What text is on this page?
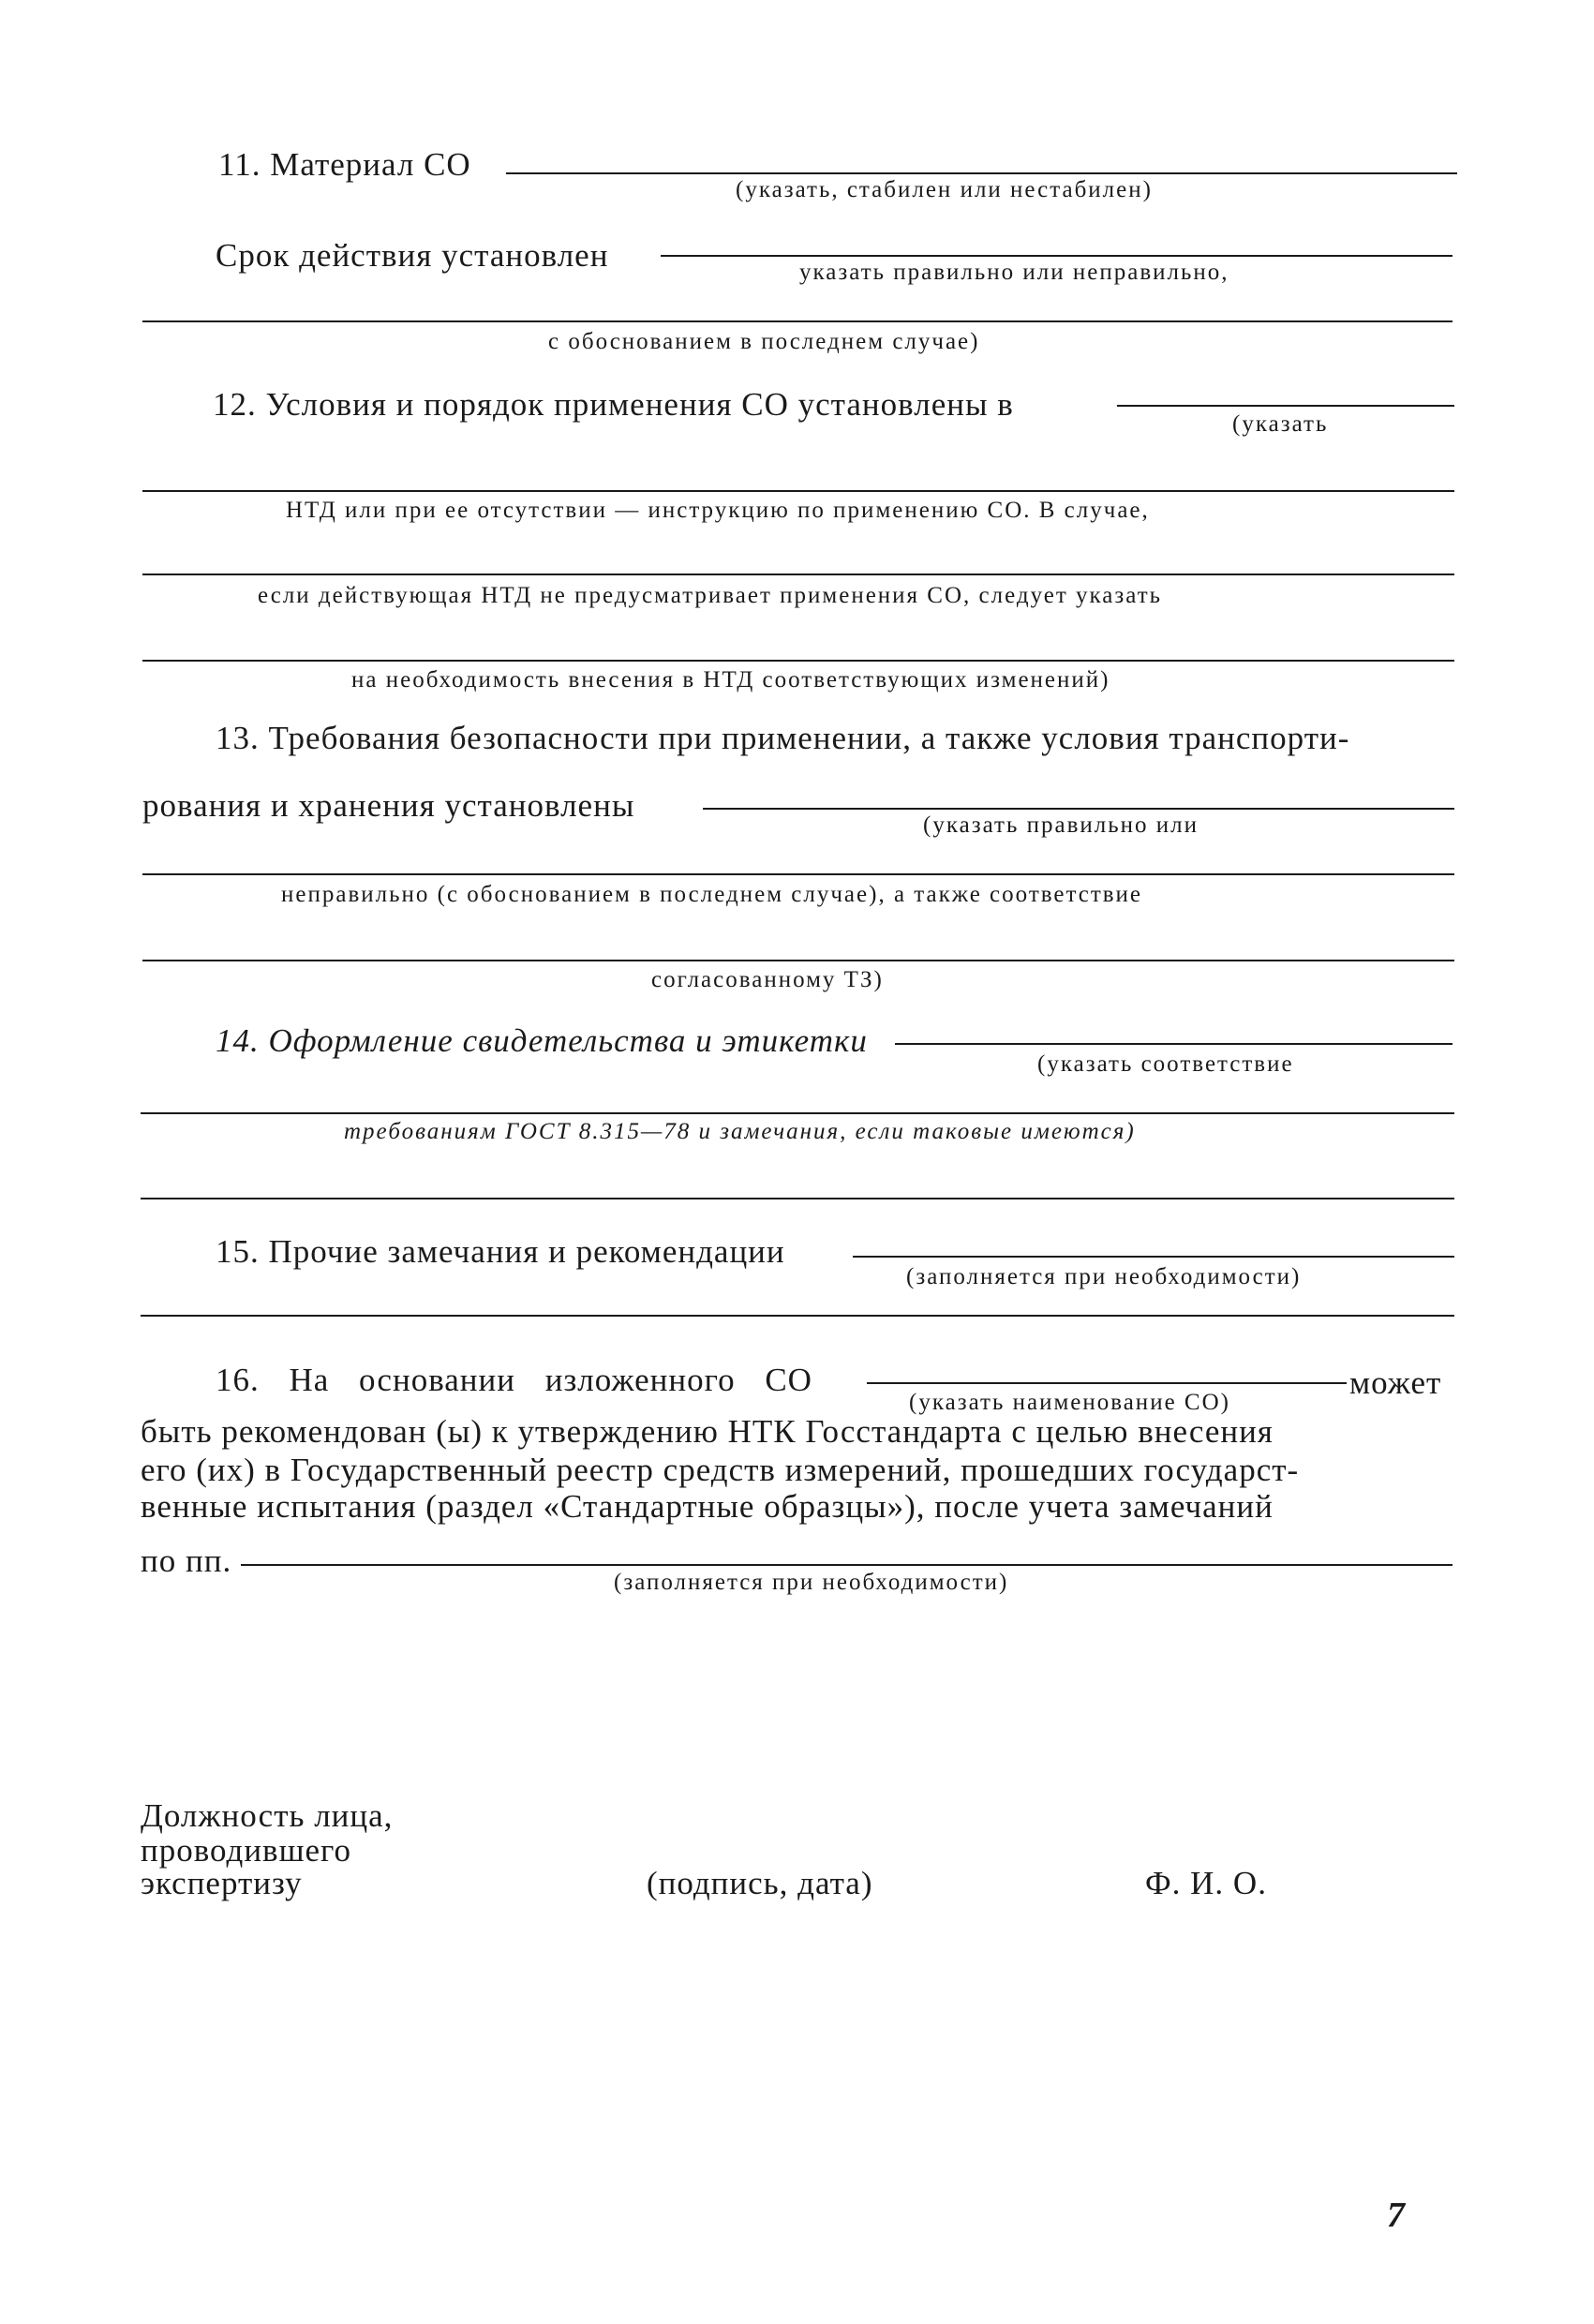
11. Материал СО
(указать, стабилен или нестабилен)
Срок действия установлен	указать правильно или неправильно,
с обоснованием в последнем случае)
12. Условия и порядок применения СО установлены в
(указать
НТД или при ее отсутствии — инструкцию по применению СО. В случае,
если действующая НТД не предусматривает применения СО, следует указать
на необходимость внесения в НТД соответствующих изменений)
13. Требования безопасности при применении, а также условия транспорти-
рования и хранения установлены
(указать правильно или
неправильно (с обоснованием в последнем случае), а также соответствие
согласованному ТЗ)
14. Оформление свидетельства и этикетки
(указать соответствие
требованиям ГОСТ 8.315—78 и замечания, если таковые имеются)
15. Прочие замечания и рекомендации
(заполняется при необходимости)
16. На основании изложенного СО	может
(указать наименование СО)
быть рекомендован (ы) к утверждению НТК Госстандарта с целью внесения
его (их) в Государственный реестр средств измерений, прошедших государст-
венные испытания (раздел «Стандартные образцы»), после учета замечаний
по пп.
(заполняется при необходимости)
Должность лица,
проводившего
экспертизу	(подпись, дата)	Ф. И. О.
7
